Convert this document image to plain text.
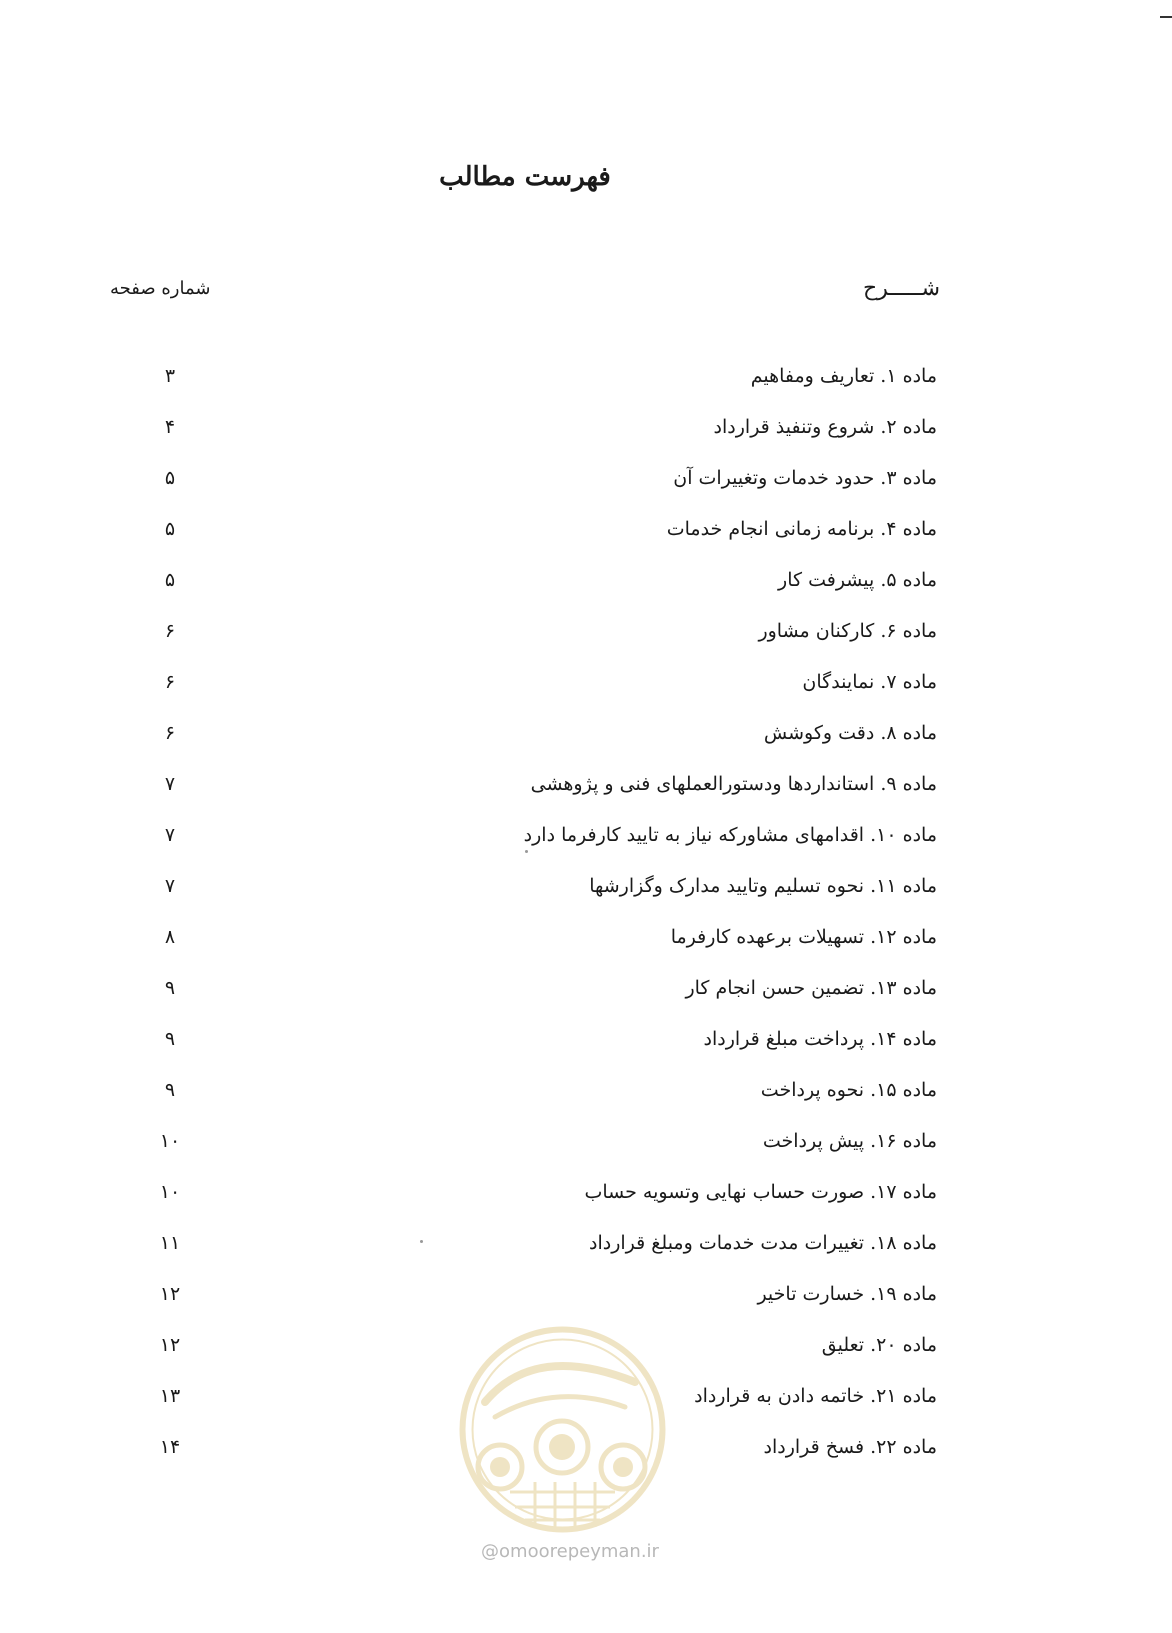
فهرست مطالب
شـــــرح
شماره صفحه
ماده ۱. تعاریف ومفاهیم
۳
ماده ۲. شروع وتنفیذ قرارداد
۴
ماده ۳. حدود خدمات وتغییرات آن
۵
ماده ۴. برنامه زمانی انجام خدمات
۵
ماده ۵. پیشرفت کار
۵
ماده ۶. کارکنان مشاور
۶
ماده ۷. نمایندگان
۶
ماده ۸. دقت وکوشش
۶
ماده ۹. استانداردها ودستورالعملهای فنی و پژوهشی
۷
ماده ۱۰. اقدامهای مشاورکه نیاز به تایید کارفرما دارد
۷
ماده ۱۱. نحوه تسلیم وتایید مدارک وگزارشها
۷
ماده ۱۲. تسهیلات برعهده کارفرما
۸
ماده ۱۳. تضمین حسن انجام کار
۹
ماده ۱۴. پرداخت مبلغ قرارداد
۹
ماده ۱۵. نحوه پرداخت
۹
ماده ۱۶. پیش پرداخت
۱۰
ماده ۱۷. صورت حساب نهایی وتسویه حساب
۱۰
ماده ۱۸. تغییرات مدت خدمات ومبلغ قرارداد
۱۱
ماده ۱۹. خسارت تاخیر
۱۲
ماده ۲۰. تعلیق
۱۲
ماده ۲۱. خاتمه دادن به قرارداد
۱۳
ماده ۲۲. فسخ قرارداد
۱۴
@omoorepeyman.ir
